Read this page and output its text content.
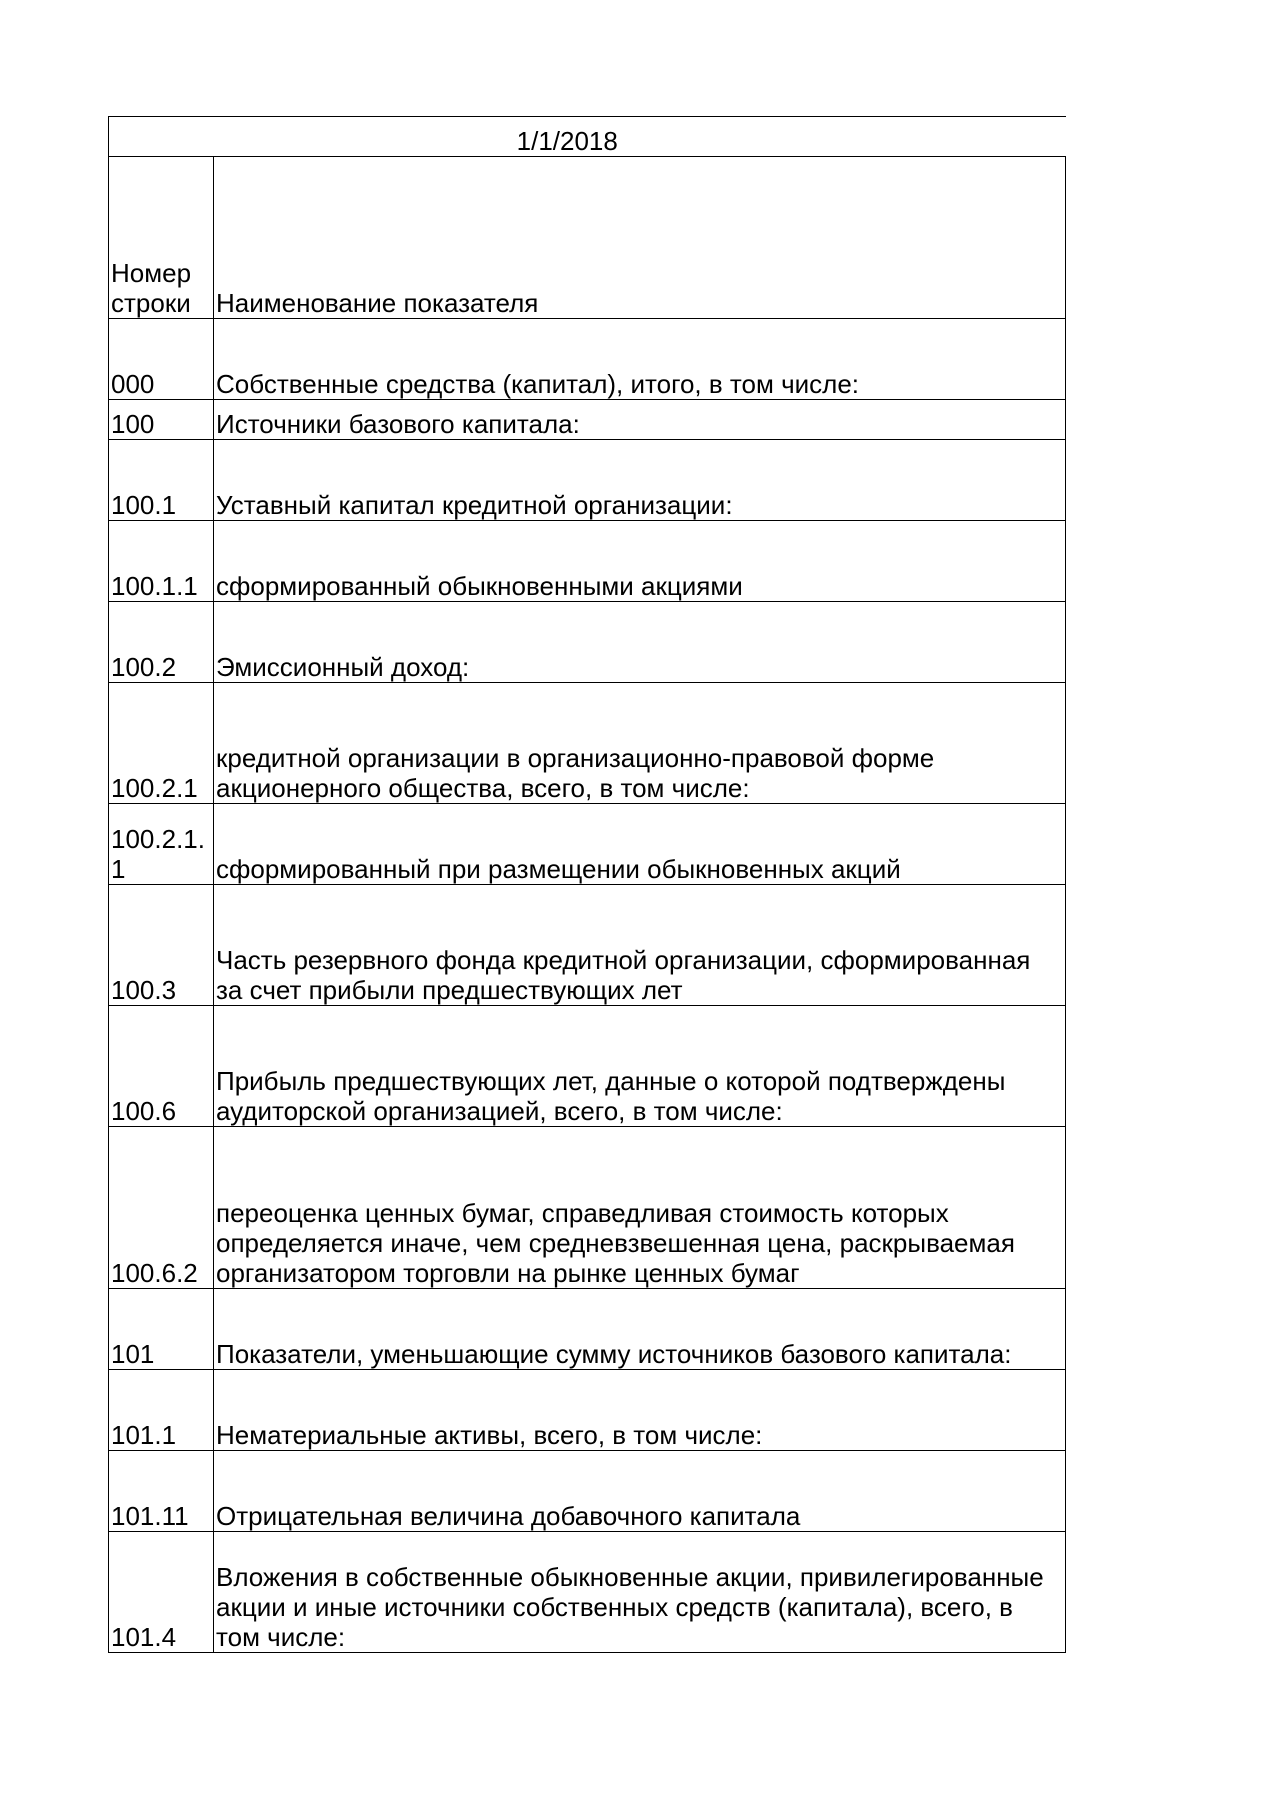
1/1/2018	
Номер строки	Наименование показателя
000	Собственные средства (капитал), итого, в том числе:
100	Источники базового капитала:
100.1	Уставный капитал кредитной организации:
100.1.1	сформированный обыкновенными акциями
100.2	Эмиссионный доход:
100.2.1	кредитной организации в организационно-правовой форме акционерного общества, всего, в том числе:
100.2.1.1	сформированный при размещении обыкновенных акций
100.3	Часть резервного фонда кредитной организации, сформированная за счет прибыли предшествующих лет
100.6	Прибыль предшествующих лет, данные о которой подтверждены аудиторской организацией, всего, в том числе:
100.6.2	переоценка ценных бумаг, справедливая стоимость которых определяется иначе, чем средневзвешенная цена, раскрываемая организатором торговли на рынке ценных бумаг
101	Показатели, уменьшающие сумму источников базового капитала:
101.1	Нематериальные активы, всего, в том числе:
101.11	Отрицательная величина добавочного капитала
101.4	Вложения в собственные обыкновенные акции, привилегированные акции и иные источники собственных средств (капитала), всего, в том числе:
